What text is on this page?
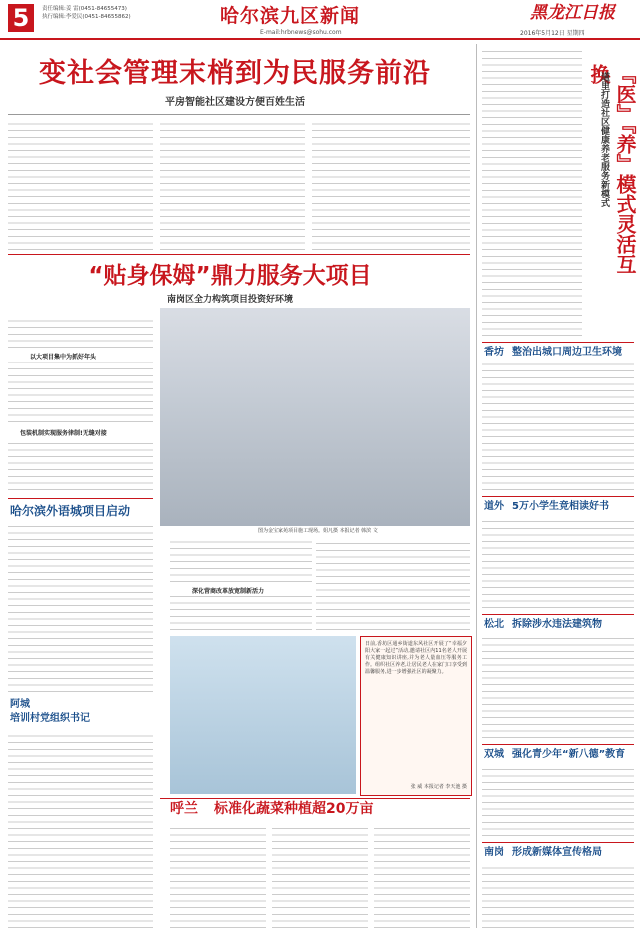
5	责任编辑:姜 雷(0451-84655473)
执行编辑:李爱民(0451-84655862)	哈尔滨九区新闻
E-mail:hrbnews@sohu.com
黑龙江日报
2016年5月12日 星期四
变社会管理末梢到为民服务前沿
平房智能社区建设方便百姓生活
“贴身保姆”鼎力服务大项目
南岗区全力构筑项目投资好环境
以大项目集中为抓好年头
包装机制实现服务律制!无缝对接
图为金宝家苑项目施工现场。姐凡摄 本报记者 韩滨 文
深化营商改革放宽制新活力
哈尔滨外语城项目启动
阿城
培训村党组织书记
日前,香坊区通乡街道东风社区开展了“幸福夕阳大家一起过”活动,邀请社区内11名老人开展有关健康知识讲座,并为老人量血压等服务工作。组织社区养老,让居民老人在家门口享受到温馨服务,进一步增强社区的凝聚力。
张 威 本报记者 李天池 摄
呼兰 标准化蔬菜种植超20万亩
『医』『养』模式灵活互换
道里打造社区健康养老服务新模式
香坊 整治出城口周边卫生环境
道外 5万小学生竞相读好书
松北 拆除涉水违法建筑物
双城 强化青少年“新八德”教育
南岗 形成新媒体宣传格局
